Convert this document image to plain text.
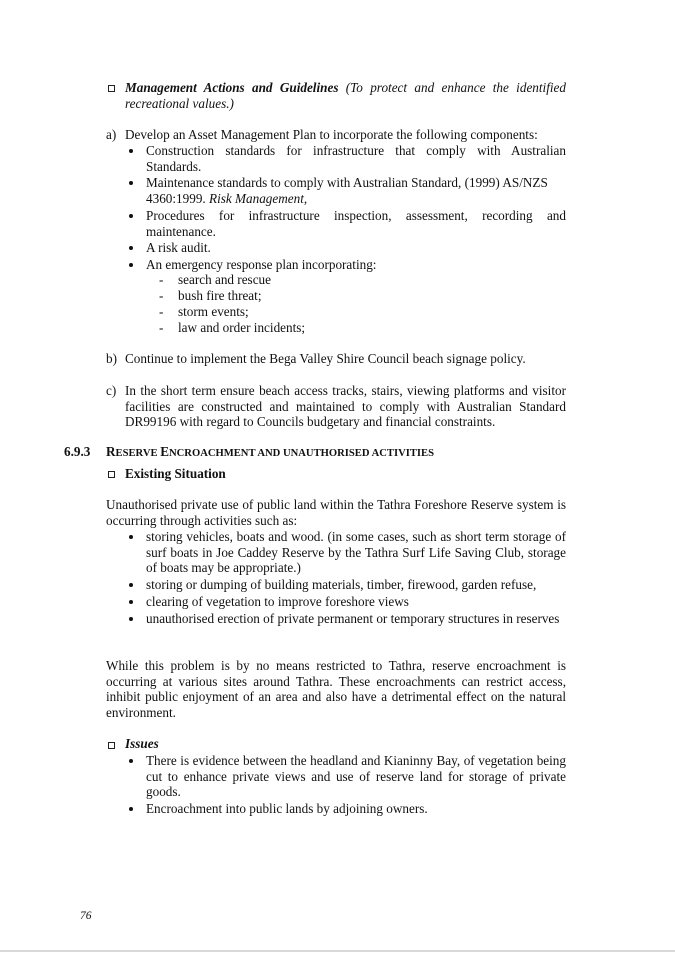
Management Actions and Guidelines (To protect and enhance the identified recreational values.)

a) Develop an Asset Management Plan to incorporate the following components:

Construction standards for infrastructure that comply with Australian Standards.

Maintenance standards to comply with Australian Standard, (1999) AS/NZS 4360:1999. Risk Management,

Procedures for infrastructure inspection, assessment, recording and maintenance.

A risk audit.

An emergency response plan incorporating:

- search and rescue

- bush fire threat;

- storm events;

- law and order incidents;

b) Continue to implement the Bega Valley Shire Council beach signage policy.

c) In the short term ensure beach access tracks, stairs, viewing platforms and visitor facilities are constructed and maintained to comply with Australian Standard DR99196 with regard to Councils budgetary and financial constraints.

6.9.3 RESERVE ENCROACHMENT AND UNAUTHORISED ACTIVITIES

Existing Situation

Unauthorised private use of public land within the Tathra Foreshore Reserve system is occurring through activities such as:

storing vehicles, boats and wood. (in some cases, such as short term storage of surf boats in Joe Caddey Reserve by the Tathra Surf Life Saving Club, storage of boats may be appropriate.)

storing or dumping of building materials, timber, firewood, garden refuse,

clearing of vegetation to improve foreshore views

unauthorised erection of private permanent or temporary structures in reserves

While this problem is by no means restricted to Tathra, reserve encroachment is occurring at various sites around Tathra. These encroachments can restrict access, inhibit public enjoyment of an area and also have a detrimental effect on the natural environment.

Issues

There is evidence between the headland and Kianinny Bay, of vegetation being cut to enhance private views and use of reserve land for storage of private goods.

Encroachment into public lands by adjoining owners.

76
